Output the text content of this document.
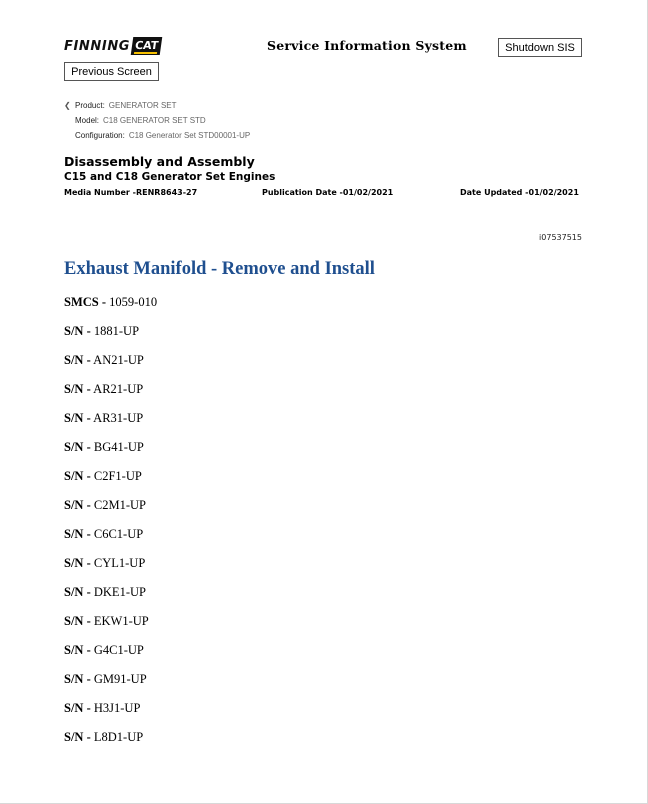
FINNING CAT	Service Information System	Shutdown SIS
Previous Screen
❮ Product: GENERATOR SET
Model: C18 GENERATOR SET STD
Configuration: C18 Generator Set STD00001-UP
Disassembly and Assembly
C15 and C18 Generator Set Engines
Media Number -RENR8643-27	Publication Date -01/02/2021	Date Updated -01/02/2021
i07537515
Exhaust Manifold - Remove and Install
SMCS - 1059-010
S/N - 1881-UP
S/N - AN21-UP
S/N - AR21-UP
S/N - AR31-UP
S/N - BG41-UP
S/N - C2F1-UP
S/N - C2M1-UP
S/N - C6C1-UP
S/N - CYL1-UP
S/N - DKE1-UP
S/N - EKW1-UP
S/N - G4C1-UP
S/N - GM91-UP
S/N - H3J1-UP
S/N - L8D1-UP
